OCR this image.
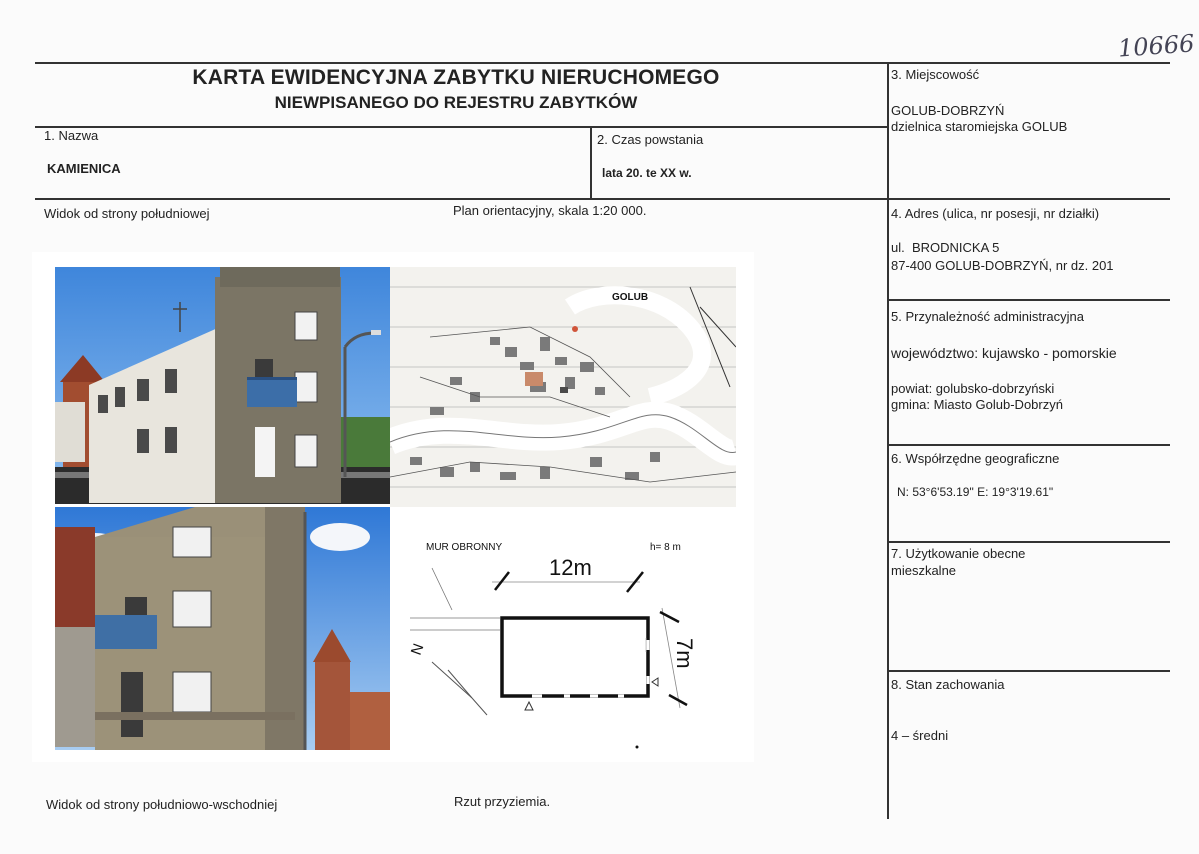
10666
KARTA EWIDENCYJNA ZABYTKU NIERUCHOMEGO
NIEWPISANEGO DO REJESTRU ZABYTKÓW
1. Nazwa
KAMIENICA
2. Czas powstania
lata 20. te XX w.
3. Miejscowość
GOLUB-DOBRZYŃ
dzielnica staromiejska GOLUB
4. Adres (ulica, nr posesji, nr działki)
ul.  BRODNICKA 5
87-400 GOLUB-DOBRZYŃ, nr dz. 201
5. Przynależność administracyjna
województwo: kujawsko - pomorskie
powiat: golubsko-dobrzyński
gmina: Miasto Golub-Dobrzyń
6. Współrzędne geograficzne
N: 53°6'53.19" E: 19°3'19.61"
7. Użytkowanie obecne
mieszkalne
8. Stan zachowania
4 – średni
Widok od strony południowej	Plan orientacyjny, skala 1:20 000.
Widok od strony południowo-wschodniej	Rzut przyziemia.
GOLUB
MUR OBRONNY	h= 8 m
12m
7m
N
